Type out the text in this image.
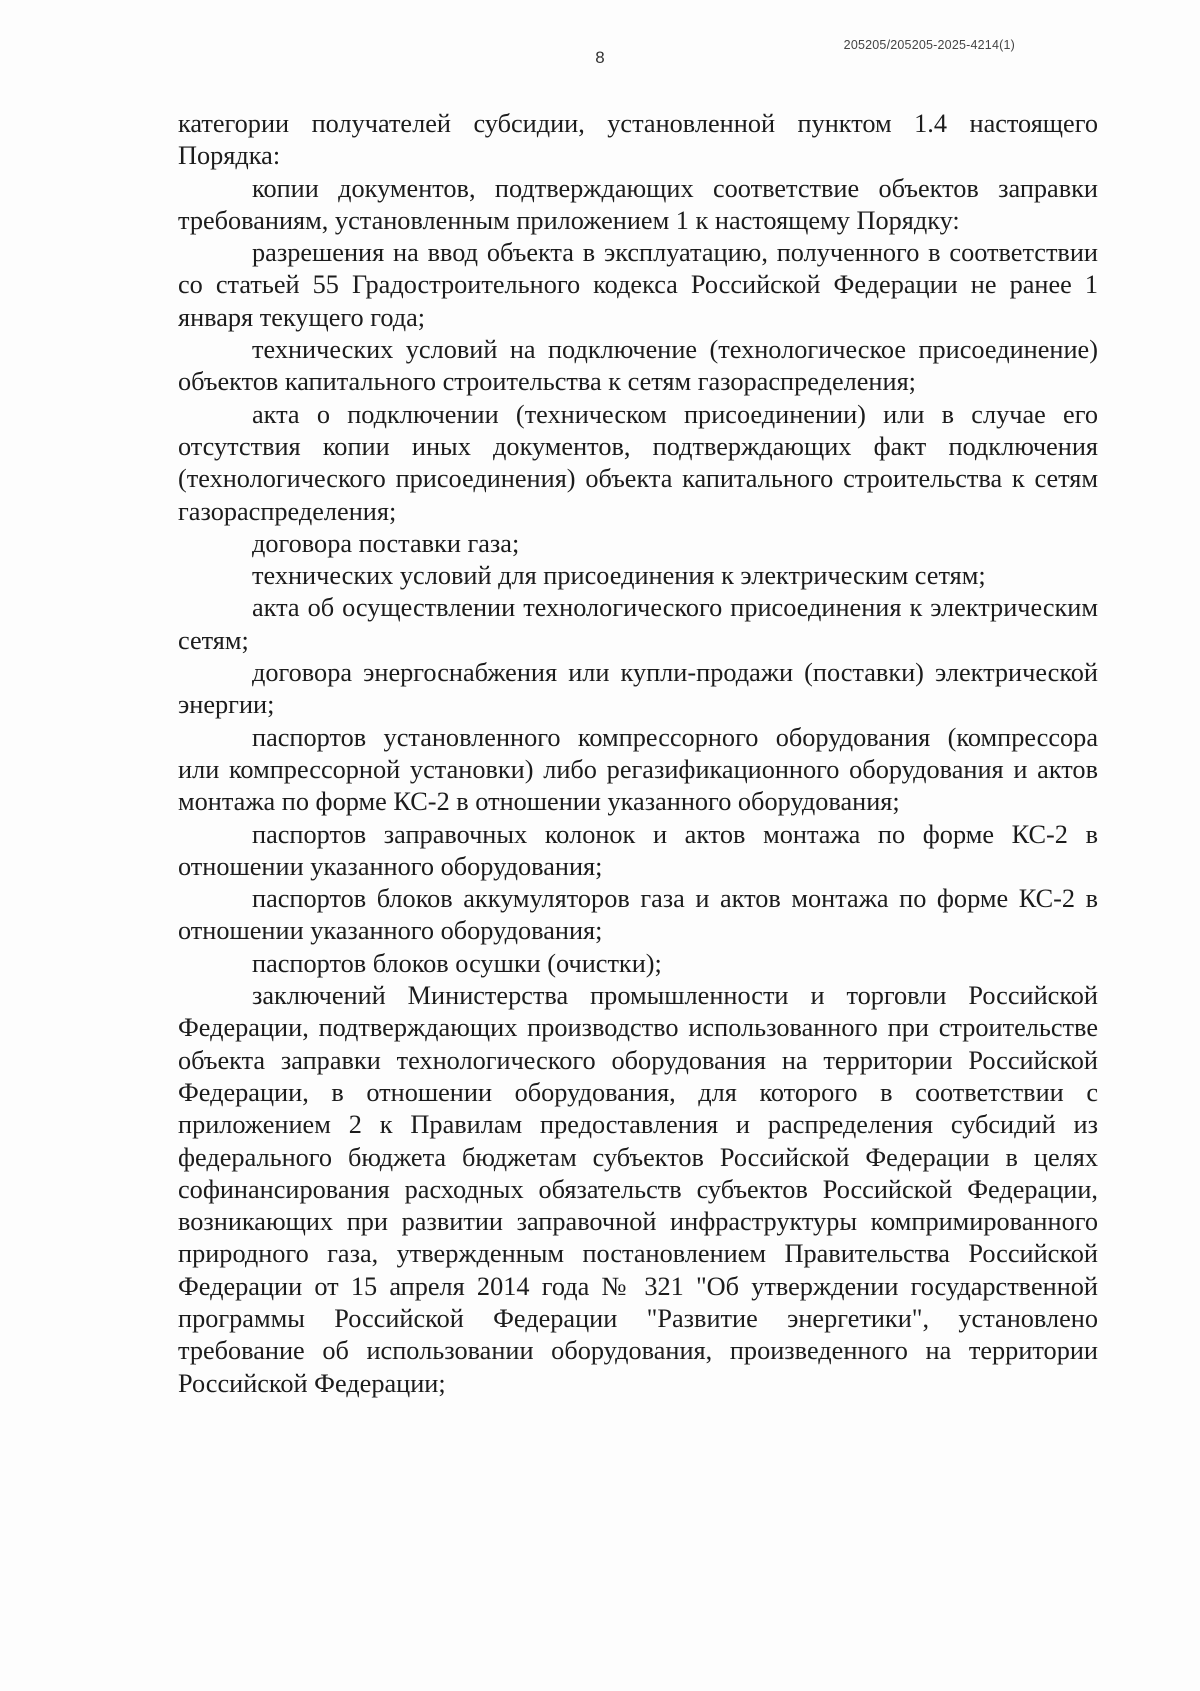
8
205205/205205-2025-4214(1)

категории получателей субсидии, установленной пунктом 1.4 настоящего Порядка:

копии документов, подтверждающих соответствие объектов заправки требованиям, установленным приложением 1 к настоящему Порядку:

разрешения на ввод объекта в эксплуатацию, полученного в соответствии со статьей 55 Градостроительного кодекса Российской Федерации не ранее 1 января текущего года;

технических условий на подключение (технологическое присоединение) объектов капитального строительства к сетям газораспределения;

акта о подключении (техническом присоединении) или в случае его отсутствия копии иных документов, подтверждающих факт подключения (технологического присоединения) объекта капитального строительства к сетям газораспределения;

договора поставки газа;

технических условий для присоединения к электрическим сетям;

акта об осуществлении технологического присоединения к электрическим сетям;

договора энергоснабжения или купли-продажи (поставки) электрической энергии;

паспортов установленного компрессорного оборудования (компрессора или компрессорной установки) либо регазификационного оборудования и актов монтажа по форме КС-2 в отношении указанного оборудования;

паспортов заправочных колонок и актов монтажа по форме КС-2 в отношении указанного оборудования;

паспортов блоков аккумуляторов газа и актов монтажа по форме КС-2 в отношении указанного оборудования;

паспортов блоков осушки (очистки);

заключений Министерства промышленности и торговли Российской Федерации, подтверждающих производство использованного при строительстве объекта заправки технологического оборудования на территории Российской Федерации, в отношении оборудования, для которого в соответствии с приложением 2 к Правилам предоставления и распределения субсидий из федерального бюджета бюджетам субъектов Российской Федерации в целях софинансирования расходных обязательств субъектов Российской Федерации, возникающих при развитии заправочной инфраструктуры компримированного природного газа, утвержденным постановлением Правительства Российской Федерации от 15 апреля 2014 года № 321 "Об утверждении государственной программы Российской Федерации "Развитие энергетики", установлено требование об использовании оборудования, произведенного на территории Российской Федерации;
